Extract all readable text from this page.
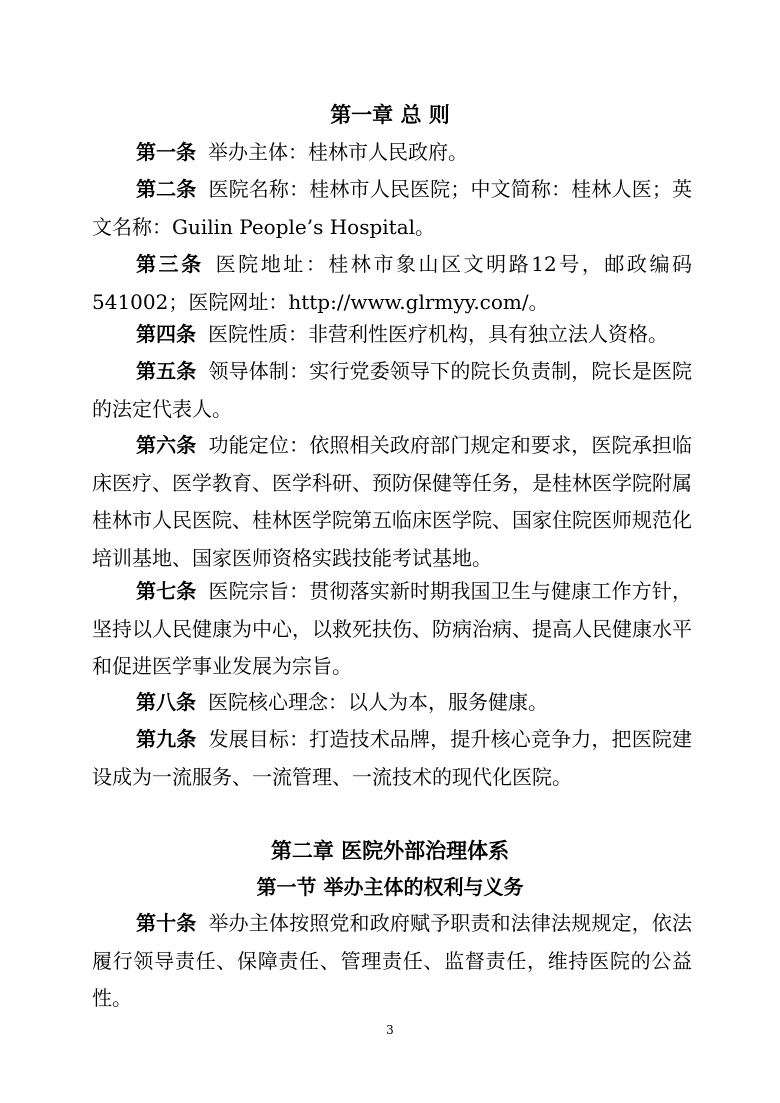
第一章 总 则

第一条 举办主体：桂林市人民政府。

第二条 医院名称：桂林市人民医院；中文简称：桂林人医；英文名称：Guilin People’s Hospital。

第三条 医院地址：桂林市象山区文明路12号，邮政编码541002；医院网址：http://www.glrmyy.com/。

第四条 医院性质：非营利性医疗机构，具有独立法人资格。

第五条 领导体制：实行党委领导下的院长负责制，院长是医院的法定代表人。

第六条 功能定位：依照相关政府部门规定和要求，医院承担临床医疗、医学教育、医学科研、预防保健等任务，是桂林医学院附属桂林市人民医院、桂林医学院第五临床医学院、国家住院医师规范化培训基地、国家医师资格实践技能考试基地。

第七条 医院宗旨：贯彻落实新时期我国卫生与健康工作方针，坚持以人民健康为中心，以救死扶伤、防病治病、提高人民健康水平和促进医学事业发展为宗旨。

第八条 医院核心理念：以人为本，服务健康。

第九条 发展目标：打造技术品牌，提升核心竞争力，把医院建设成为一流服务、一流管理、一流技术的现代化医院。

第二章 医院外部治理体系
第一节 举办主体的权利与义务

第十条 举办主体按照党和政府赋予职责和法律法规规定，依法履行领导责任、保障责任、管理责任、监督责任，维持医院的公益性。

3
